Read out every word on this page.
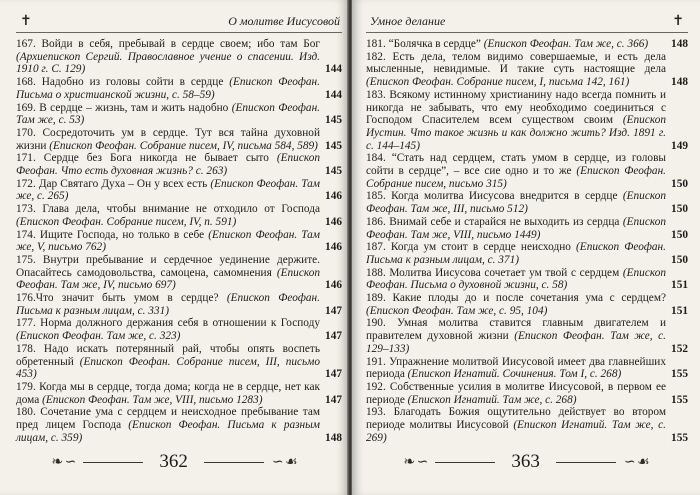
✝	О молитве Иисусовой

167. Войди в себя, пребывай в сердце своем; ибо там Бог (Архиепископ Сергий. Православное учение о спасении. Изд. 1910 г. С. 129)	144

168. Надобно из головы сойти в сердце (Епископ Феофан. Письма о христианской жизни, с. 58–59)	144

169. В сердце – жизнь, там и жить надобно (Епископ Феофан. Там же, с. 53)	145

170. Сосредоточить ум в сердце. Тут вся тайна духовной жизни (Епископ Феофан. Собрание писем, IV, письма 584, 589) 145

171. Сердце без Бога никогда не бывает сыто (Епископ Феофан. Что есть духовная жизнь? с. 263)	145

172. Дар Святаго Духа – Он у всех есть (Епископ Феофан. Там же, с. 265)	146

173. Глава дела, чтобы внимание не отходило от Господа (Епископ Феофан. Собрание писем, IV, п. 591)	146

174. Ищите Господа, но только в себе (Епископ Феофан. Там же, V, письмо 762)	146

175. Внутри пребывание и сердечное уединение держите. Опасайтесь самодовольства, самоцена, самомнения (Епископ Феофан. Там же, IV, письмо 697)	146

176.Что значит быть умом в сердце? (Епископ Феофан. Письма к разным лицам, с. 331)	147

177. Норма должного держания себя в отношении к Господу (Епископ Феофан. Там же, с. 323)	147

178. Надо искать потерянный рай, чтобы опять воспеть обретенный (Епископ Феофан. Собрание писем, III, письмо 453)	147

179. Когда мы в сердце, тогда дома; когда не в сердце, нет как дома (Епископ Феофан. Там же, VIII, письмо 1283)	147

180. Сочетание ума с сердцем и неисходное пребывание там пред лицем Господа (Епископ Феофан. Письма к разным лицам, с. 359)	148

❧ ∽	362	∽ ☙
Умное делание	✝

181. “Болячка в сердце” (Епископ Феофан. Там же, с. 366) 148

182. Есть дела, телом видимо совершаемые, и есть дела мысленные, невидимые. И такие суть настоящие дела (Епископ Феофан. Собрание писем, I, письма 142, 161)	148

183. Всякому истинному христианину надо всегда помнить и никогда не забывать, что ему необходимо соединиться с Господом Спасителем всем существом своим (Епископ Иустин. Что такое жизнь и как должно жить? Изд. 1891 г. с. 144–145)	149

184. “Стать над сердцем, стать умом в сердце, из головы сойти в сердце”, – все сие одно и то же (Епископ Феофан. Собрание писем, письмо 315)	150

185. Когда молитва Иисусова внедрится в сердце (Епископ Феофан. Там же, III, письмо 512)	150

186. Внимай себе и старайся не выходить из сердца (Епископ Феофан. Там же, VIII, письмо 1449)	150

187. Когда ум стоит в сердце неисходно (Епископ Феофан. Письма к разным лицам, с. 371)	150

188. Молитва Иисусова сочетает ум твой с сердцем (Епископ Феофан. Письма о духовной жизни, с. 58)	151

189. Какие плоды до и после сочетания ума с сердцем? (Епископ Феофан. Там же, с. 95, 104)	151

190. Умная молитва ставится главным двигателем и правителем духовной жизни (Епископ Феофан. Там же, с. 129–133)	152

191. Упражнение молитвой Иисусовой имеет два главнейших периода (Епископ Игнатий. Сочинения. Том I, с. 268)	155

192. Собственные усилия в молитве Иисусовой, в первом ее периоде (Епископ Игнатий. Там же, с. 268)	155

193. Благодать Божия ощутительно действует во втором периоде молитвы Иисусовой (Епископ Игнатий. Там же, с. 269)	155

❧ ∽	363	∽ ☙
